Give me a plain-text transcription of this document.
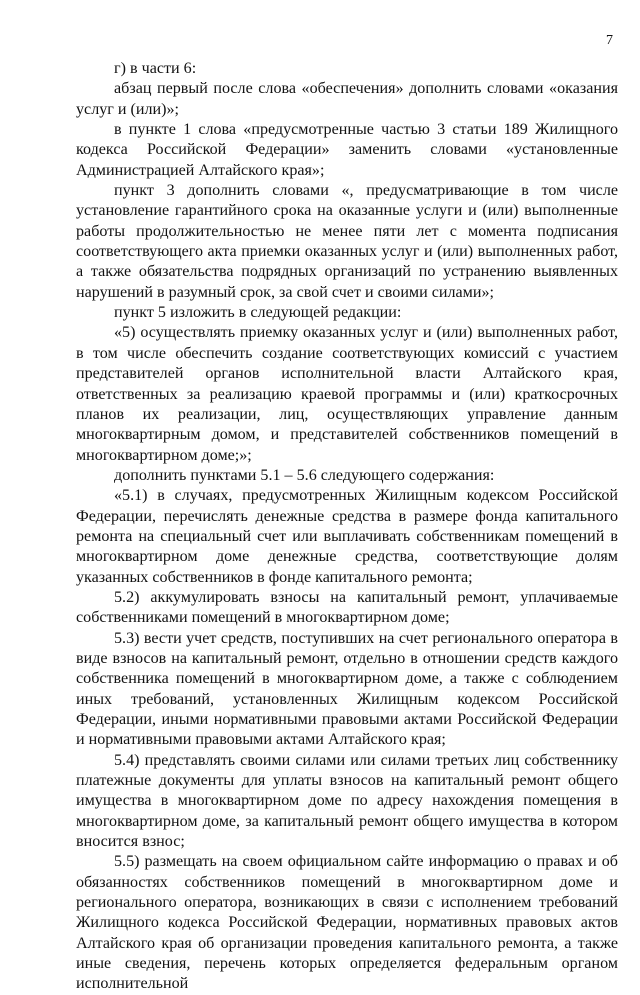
7

г) в части 6:

абзац первый после слова «обеспечения» дополнить словами «оказания услуг и (или)»;

в пункте 1 слова «предусмотренные частью 3 статьи 189 Жилищного кодекса Российской Федерации» заменить словами «установленные Администрацией Алтайского края»;

пункт 3 дополнить словами «, предусматривающие в том числе установление гарантийного срока на оказанные услуги и (или) выполненные работы продолжительностью не менее пяти лет с момента подписания соответствующего акта приемки оказанных услуг и (или) выполненных работ, а также обязательства подрядных организаций по устранению выявленных нарушений в разумный срок, за свой счет и своими силами»;

пункт 5 изложить в следующей редакции:

«5) осуществлять приемку оказанных услуг и (или) выполненных работ, в том числе обеспечить создание соответствующих комиссий с участием представителей органов исполнительной власти Алтайского края, ответственных за реализацию краевой программы и (или) краткосрочных планов их реализации, лиц, осуществляющих управление данным многоквартирным домом, и представителей собственников помещений в многоквартирном доме;»;

дополнить пунктами 5.1 – 5.6 следующего содержания:

«5.1) в случаях, предусмотренных Жилищным кодексом Российской Федерации, перечислять денежные средства в размере фонда капитального ремонта на специальный счет или выплачивать собственникам помещений в многоквартирном доме денежные средства, соответствующие долям указанных собственников в фонде капитального ремонта;

5.2) аккумулировать взносы на капитальный ремонт, уплачиваемые собственниками помещений в многоквартирном доме;

5.3) вести учет средств, поступивших на счет регионального оператора в виде взносов на капитальный ремонт, отдельно в отношении средств каждого собственника помещений в многоквартирном доме, а также с соблюдением иных требований, установленных Жилищным кодексом Российской Федерации, иными нормативными правовыми актами Российской Федерации и нормативными правовыми актами Алтайского края;

5.4) представлять своими силами или силами третьих лиц собственнику платежные документы для уплаты взносов на капитальный ремонт общего имущества в многоквартирном доме по адресу нахождения помещения в многоквартирном доме, за капитальный ремонт общего имущества в котором вносится взнос;

5.5) размещать на своем официальном сайте информацию о правах и об обязанностях собственников помещений в многоквартирном доме и регионального оператора, возникающих в связи с исполнением требований Жилищного кодекса Российской Федерации, нормативных правовых актов Алтайского края об организации проведения капитального ремонта, а также иные сведения, перечень которых определяется федеральным органом исполнительной
